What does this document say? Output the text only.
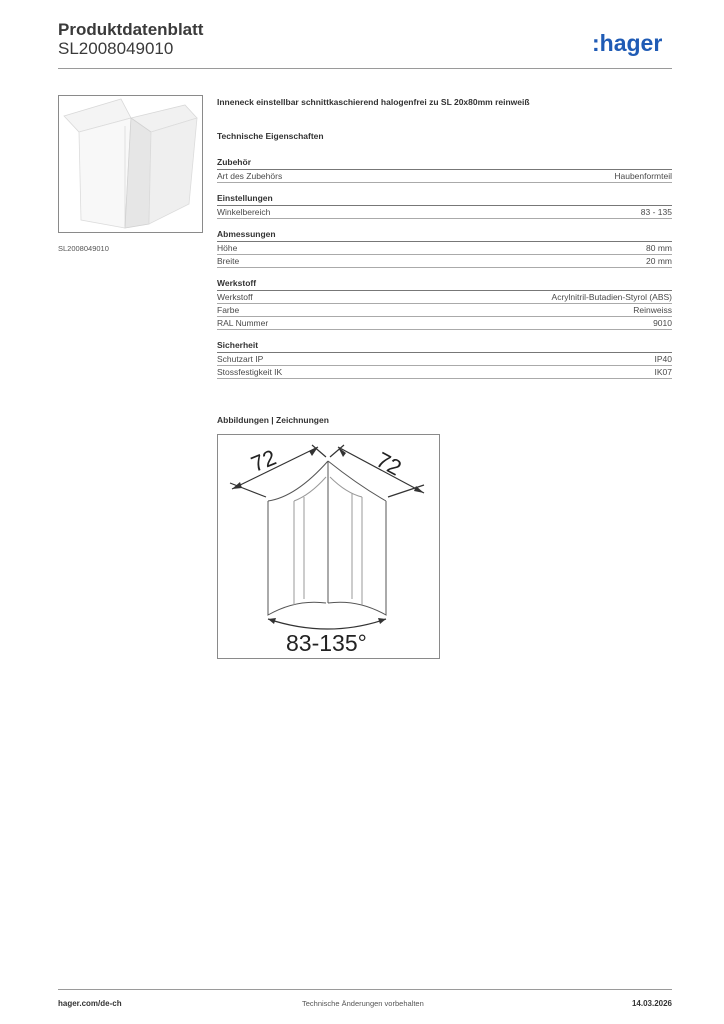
Produktdatenblatt
SL2008049010	:hager
SL2008049010
Inneneck einstellbar schnittkaschierend halogenfrei zu SL 20x80mm reinweiß
Technische Eigenschaften
Zubehör
Art des Zubehörs	Haubenformteil
Einstellungen
Winkelbereich	83 - 135
Abmessungen
Höhe	80 mm
Breite	20 mm
Werkstoff
Werkstoff	Acrylnitril-Butadien-Styrol (ABS)
Farbe	Reinweiss
RAL Nummer	9010
Sicherheit
Schutzart IP	IP40
Stossfestigkeit IK	IK07
Abbildungen | Zeichnungen
72	72
83-135°
hager.com/de-ch	Technische Änderungen vorbehalten	14.03.2026
